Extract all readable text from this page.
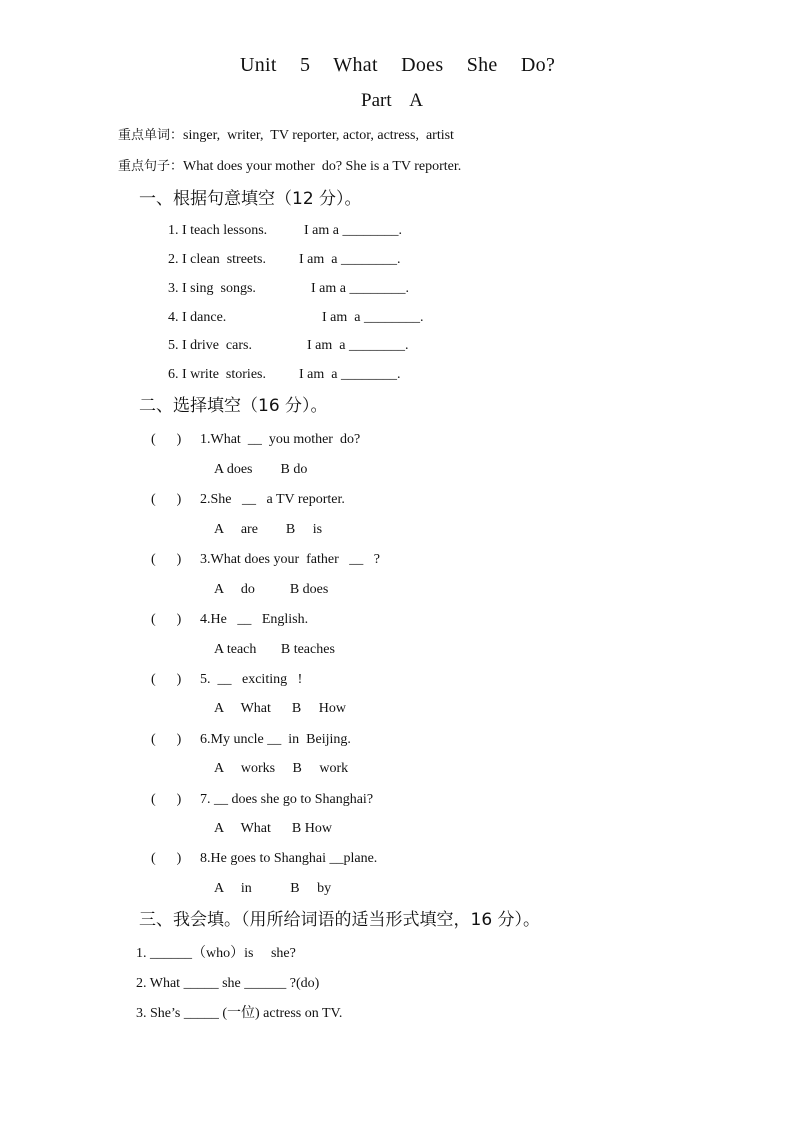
Unit 5 What Does She Do?
Part A
重点单词：singer,  writer,  TV reporter, actor, actress,  artist
重点句子：What does your mother  do? She is a TV reporter.
一、根据句意填空（12 分）。
1. I teach lessons.	I am a ________.
2. I clean  streets. I am  a ________.
3. I sing  songs.	I am a ________.
4. I dance.	I am  a ________.
5. I drive  cars.	I am  a ________.
6. I write  stories. I am  a ________.
二、选择填空（16 分）。
(      ) 1.What  __  you mother  do?
A does        B do
(      ) 2.She   __   a TV reporter.
A     are        B     is
(      ) 3.What does your  father   __   ?
A     do          B does
(      ) 4.He   __   English.
A teach       B teaches
(      ) 5.  __   exciting   !
A     What      B     How
(      ) 6.My uncle __  in  Beijing.
A     works     B     work
(      ) 7. __ does she go to Shanghai?
A     What      B How
(      ) 8.He goes to Shanghai __plane.
A     in           B     by
三、我会填。（用所给词语的适当形式填空，16 分）。
1. ______（who）is     she?
2. What _____ she ______ ?(do)
3. She’s _____ (一位) actress on TV.
